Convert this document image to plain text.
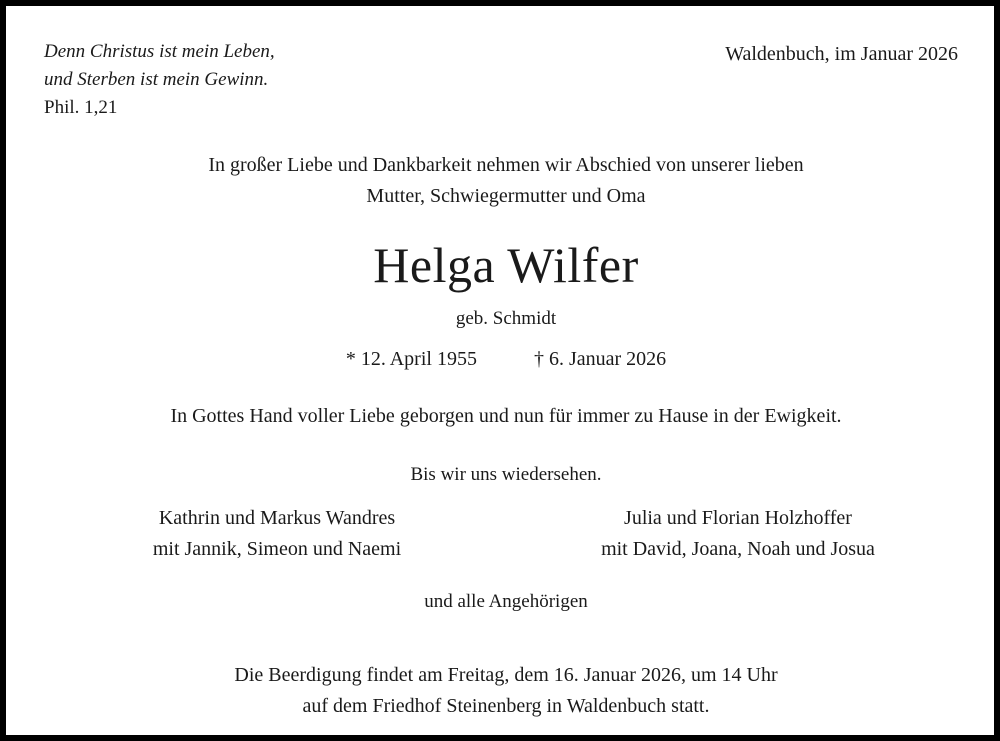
Denn Christus ist mein Leben,
und Sterben ist mein Gewinn.
Phil. 1,21
Waldenbuch, im Januar 2026
In großer Liebe und Dankbarkeit nehmen wir Abschied von unserer lieben
Mutter, Schwiegermutter und Oma
Helga Wilfer
geb. Schmidt
* 12. April 1955	† 6. Januar 2026
In Gottes Hand voller Liebe geborgen und nun für immer zu Hause in der Ewigkeit.
Bis wir uns wiedersehen.
Kathrin und Markus Wandres
mit Jannik, Simeon und Naemi
Julia und Florian Holzhoffer
mit David, Joana, Noah und Josua
und alle Angehörigen
Die Beerdigung findet am Freitag, dem 16. Januar 2026, um 14 Uhr
auf dem Friedhof Steinenberg in Waldenbuch statt.
